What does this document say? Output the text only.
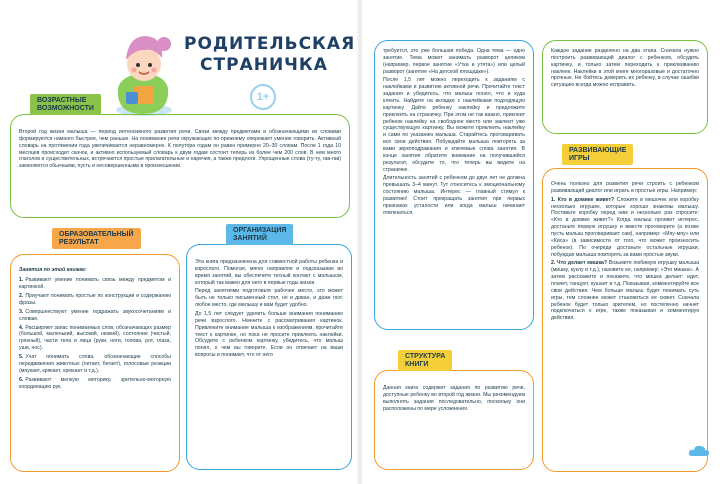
РОДИТЕЛЬСКАЯ
СТРАНИЧКА
1+

Второй год жизни малыша — период интенсивного развития речи. Связи между предметами и обозначающими их словами формируются намного быстрее, чем раньше. На понимание речи окружающих по-прежнему опережает умение говорить. Активный словарь на протяжении года увеличивается неравномерно. К полутора годам он равен примерно 20–30 словам. После 1 года 10 месяцев происходит скачок, и активно используемый словарь к двум годам состоит теперь из более чем 200 слов. В нем много глаголов и существительных, встречаются простые прилагательные и наречия, а также предлоги. Упрощенные слова (ту-ту, гав-гав) заменяются обычными, пусть и несовершенными в произношении.

ВОЗРАСТНЫЕ
ВОЗМОЖНОСТИ

Занятия по этой книжке:

1. Развивают умение понимать связь между предметом и картинкой.
2. Приучают понимать простые по конструкции и содержанию фразы.
3. Совершенствуют умение подражать звукосочетаниям и словам.
4. Расширяют запас понимаемых слов, обозначающих размер (большой, маленький, высокий, низкий), состояние (чистый, грязный), части тела и лица (руки, ноги, голова, рот, глаза, уши, нос).
5. Учат понимать слова, обозначающие способы передвижения животных (летает, бегает), голосовые реакции (мяукает, крякает, хрюкает и т.д.).
6. Развивают мелкую моторику, зрительно-моторную координацию рук.
ОБРАЗОВАТЕЛЬНЫЙ
РЕЗУЛЬТАТ

Эта книга предназначена для совместной работы ребенка и взрослого. Помогая, мягко направляя и подсказывая во время занятий, вы обеспечите тесный контакт с малышом, который так важен для него в первые годы жизни.

Перед занятиями подготовьте рабочее место, это может быть не только письменный стол, но и диван, и даже пол: любое место, где малышу и вам будет удобно.

До 1,5 лет следует уделить больше внимания пониманию речи взрослого. Начните с рассматривания картинок. Привлеките внимание малыша к изображениям, прочитайте текст к картинке, но пока не просите приклеить наклейки. Обсудите с ребенком картинку, убедитесь, что малыш понял, о чем вы говорите. Если он отвечает на ваши вопросы и понимает, что от него

ОРГАНИЗАЦИЯ
ЗАНЯТИЙ

требуется, это уже большая победа. Одна тема — одно занятие. Тема может занимать разворот целиком (например, первое занятие «Утка и утята») или целый разворот (занятие «На детской площадке»).

После 1,5 лет можно переходить к заданиям с наклейками и развитию активной речи. Прочитайте текст задания и убедитесь, что малыш понял, что и куда клеить. Найдите на вкладке с наклейками подходящую картинку. Дайте ребенку наклейку и предложите приклеить на страничку. При этом не так важно, приклеит ребенок наклейку на свободное место или заклеит уже существующую картинку. Вы можете приклеить наклейку и сами по указанию малыша. Старайтесь проговаривать все свои действия. Побуждайте малыша повторять за вами звукоподражания и ключевые слова занятия. В конце занятия обратите внимание на получившийся результат, обсудите то, что теперь вы видите на страничке.

Длительность занятий с ребенком до двух лет не должна превышать 3–4 минут. Тут относитесь к эмоциональному состоянию малыша. Интерес — главный стимул к развитию! Стоит прекращать занятия при первых признаках усталости или когда малыш начинает отвлекаться.

Данная книга содержит задания по развитию речи, доступные ребенку во второй год жизни. Мы рекомендуем выполнять задания последовательно, поскольку они расположены по мере усложнения.

СТРУКТУРА
КНИГИ

Каждое задание разделено на два этапа. Сначала нужно построить развивающий диалог с ребенком, обсудить картинку, и только затем переходить к приклеиванию наклеек. Наклейки в этой книге многоразовые и достаточно прочные. Не бойтесь доверить их ребенку, в случае ошибки ситуацию всегда можно исправить.

Очень полезно для развития речи строить с ребенком развивающий диалог или играть в простые игры. Например:

1. Кто в домике живет? Сложите в мешочек или коробку несколько игрушек, которые хорошо знакомы малышу. Поставьте коробку перед ним и несколько раз спросите: «Кто в домике живет?» Когда малыш проявит интерес, достаньте первую игрушку и вместе проговорите (а позже пусть малыш проговаривает сам), например: «Мяу-мяу» или «Киса» (в зависимости от того, что может произносить ребенок). По очереди достаньте остальные игрушки, побуждая малыша повторять за вами простые звуки.

2. Что делает мишка? Возьмите любимую игрушку малыша (мишку, куклу и т.д.), назовите ее, например: «Это мишка». А затем расскажите и покажите, что мишка делает: идет, плачет, танцует, кушает и т.д. Показывая, комментируйте все свои действия. Чем больше малыш будет понимать суть игры, тем сложнее может становиться ее сюжет. Сначала ребенок будет только зрителем, но постепенно начнет подключаться к игре, также показывая и комментируя действия.

РАЗВИВАЮЩИЕ
ИГРЫ
